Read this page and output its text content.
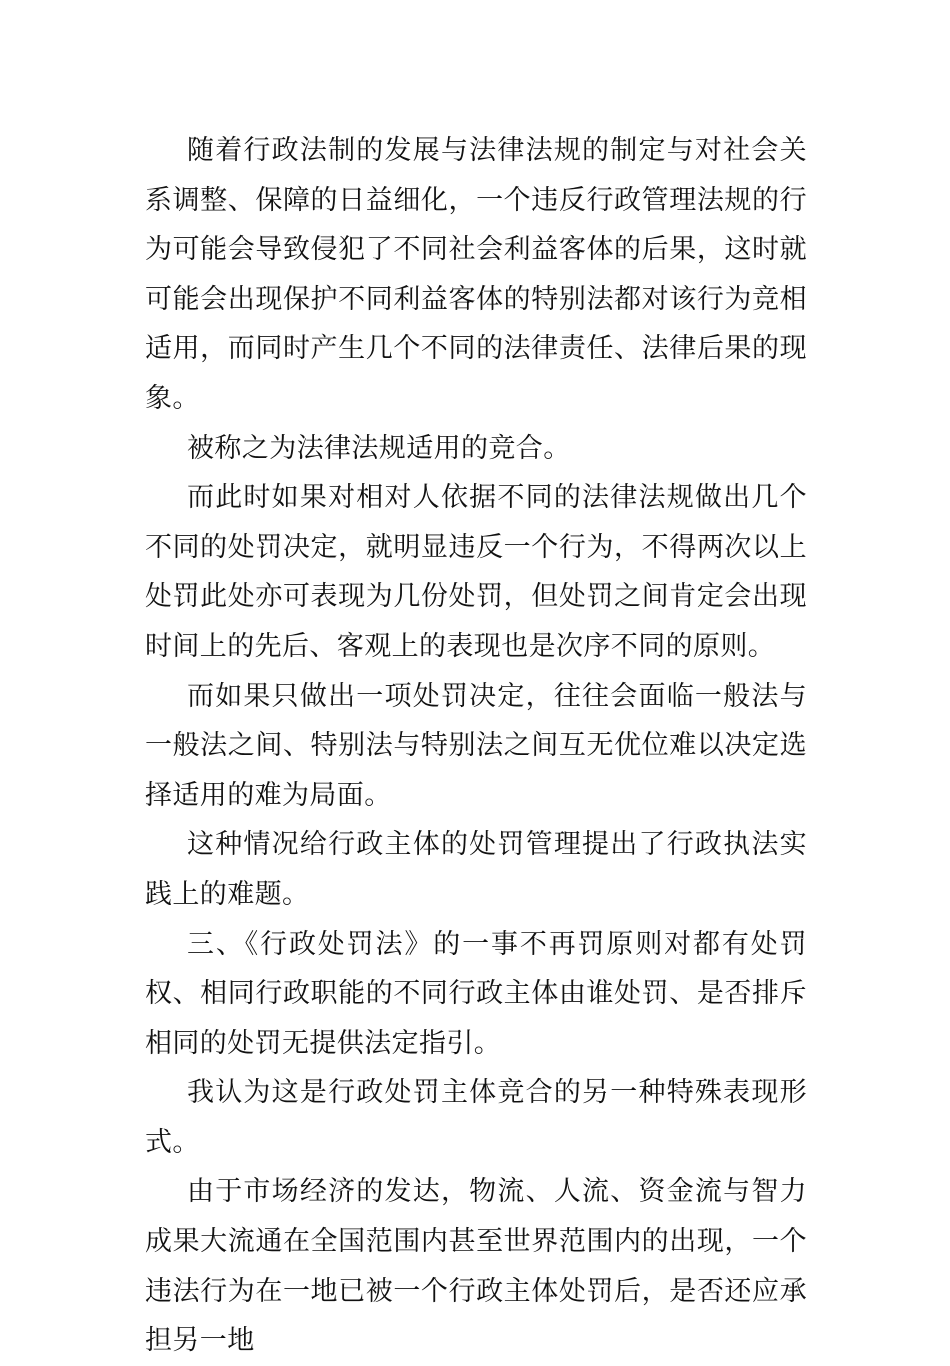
随着行政法制的发展与法律法规的制定与对社会关系调整、保障的日益细化，一个违反行政管理法规的行为可能会导致侵犯了不同社会利益客体的后果，这时就可能会出现保护不同利益客体的特别法都对该行为竞相适用，而同时产生几个不同的法律责任、法律后果的现象。

被称之为法律法规适用的竞合。

而此时如果对相对人依据不同的法律法规做出几个不同的处罚决定，就明显违反一个行为，不得两次以上处罚此处亦可表现为几份处罚，但处罚之间肯定会出现时间上的先后、客观上的表现也是次序不同的原则。

而如果只做出一项处罚决定，往往会面临一般法与一般法之间、特别法与特别法之间互无优位难以决定选择适用的难为局面。

这种情况给行政主体的处罚管理提出了行政执法实践上的难题。

三、《行政处罚法》的一事不再罚原则对都有处罚权、相同行政职能的不同行政主体由谁处罚、是否排斥相同的处罚无提供法定指引。

我认为这是行政处罚主体竞合的另一种特殊表现形式。

由于市场经济的发达，物流、人流、资金流与智力成果大流通在全国范围内甚至世界范围内的出现，一个违法行为在一地已被一个行政主体处罚后，是否还应承担另一地
